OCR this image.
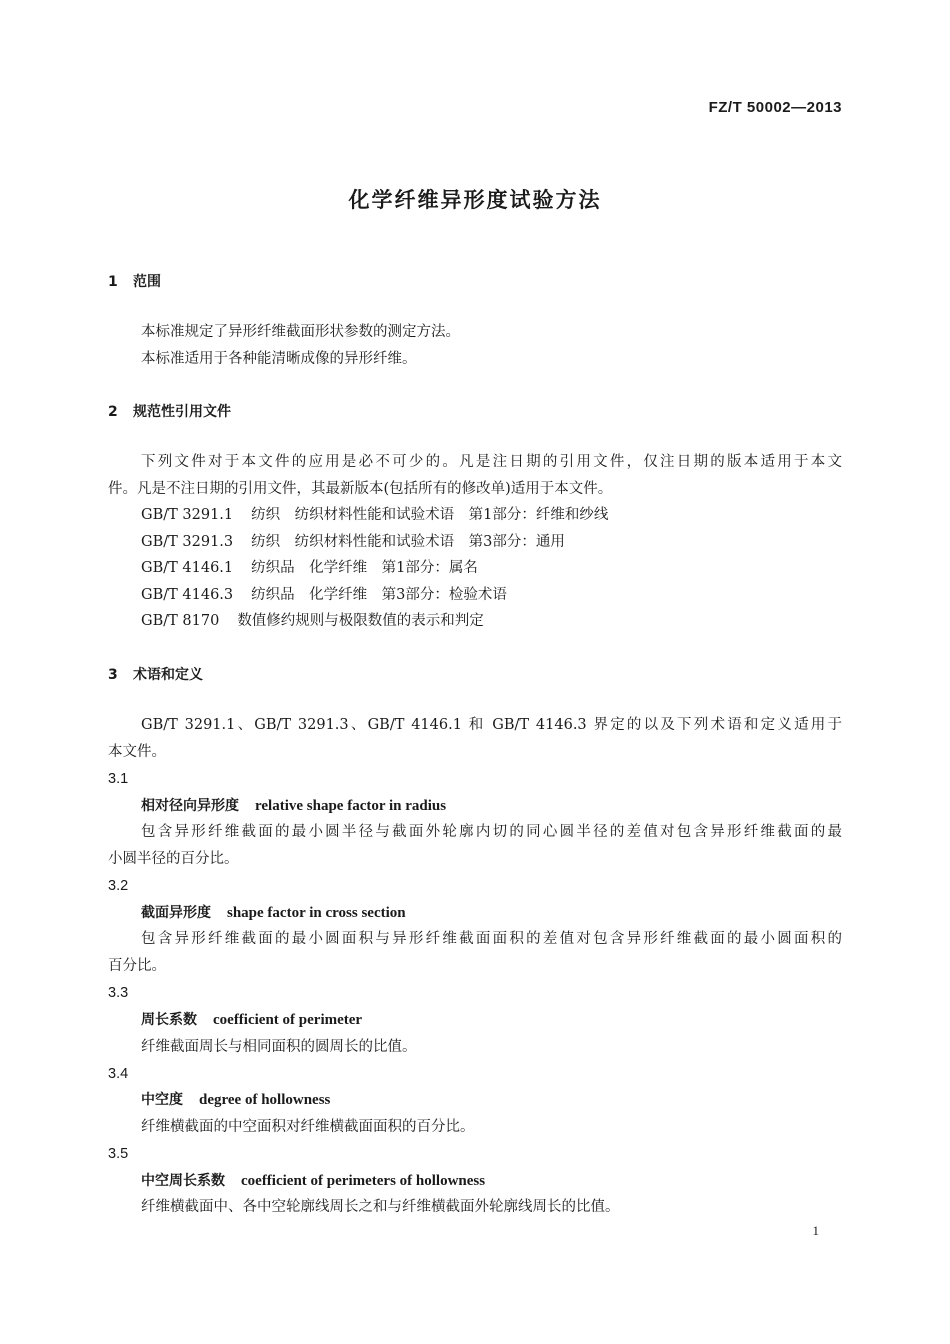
FZ/T 50002—2013
化学纤维异形度试验方法
1 范围

本标准规定了异形纤维截面形状参数的测定方法。

本标准适用于各种能清晰成像的异形纤维。

2 规范性引用文件

下列文件对于本文件的应用是必不可少的。凡是注日期的引用文件，仅注日期的版本适用于本文

件。凡是不注日期的引用文件，其最新版本(包括所有的修改单)适用于本文件。

GB/T 3291.1 纺织　纺织材料性能和试验术语　第1部分：纤维和纱线

GB/T 3291.3 纺织　纺织材料性能和试验术语　第3部分：通用

GB/T 4146.1 纺织品　化学纤维　第1部分：属名

GB/T 4146.3 纺织品　化学纤维　第3部分：检验术语

GB/T 8170 数值修约规则与极限数值的表示和判定

3 术语和定义

GB/T 3291.1、GB/T 3291.3、GB/T 4146.1 和 GB/T 4146.3 界定的以及下列术语和定义适用于

本文件。

3.1

相对径向异形度 relative shape factor in radius

包含异形纤维截面的最小圆半径与截面外轮廓内切的同心圆半径的差值对包含异形纤维截面的最

小圆半径的百分比。

3.2

截面异形度 shape factor in cross section

包含异形纤维截面的最小圆面积与异形纤维截面面积的差值对包含异形纤维截面的最小圆面积的

百分比。

3.3

周长系数 coefficient of perimeter

纤维截面周长与相同面积的圆周长的比值。

3.4

中空度 degree of hollowness

纤维横截面的中空面积对纤维横截面面积的百分比。

3.5

中空周长系数 coefficient of perimeters of hollowness

纤维横截面中、各中空轮廓线周长之和与纤维横截面外轮廓线周长的比值。

1
